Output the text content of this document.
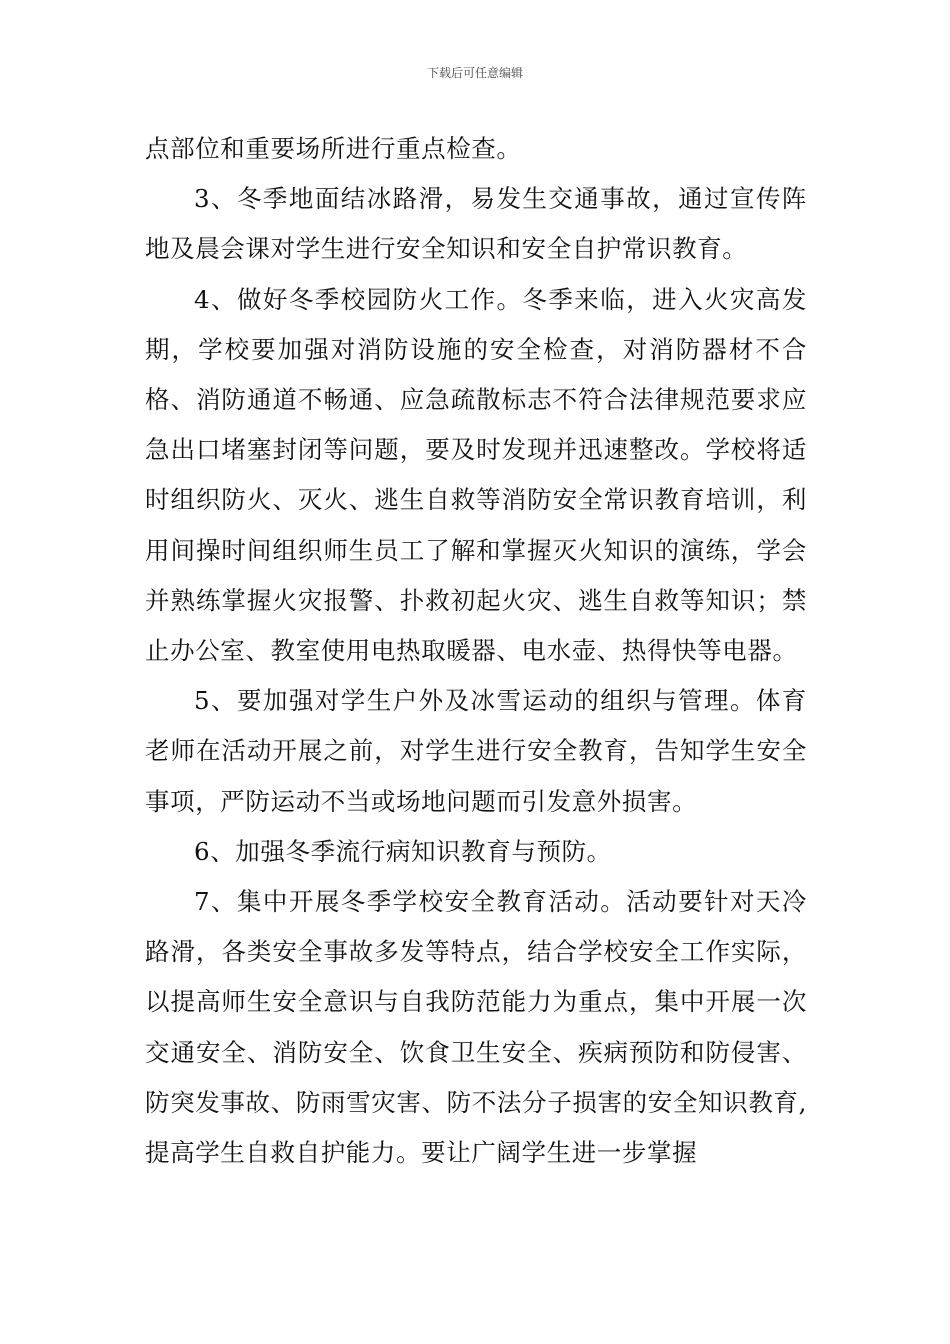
下载后可任意编辑

点部位和重要场所进行重点检查。

3、冬季地面结冰路滑，易发生交通事故，通过宣传阵地及晨会课对学生进行安全知识和安全自护常识教育。

4、做好冬季校园防火工作。冬季来临，进入火灾高发期，学校要加强对消防设施的安全检查，对消防器材不合格、消防通道不畅通、应急疏散标志不符合法律规范要求应急出口堵塞封闭等问题，要及时发现并迅速整改。学校将适时组织防火、灭火、逃生自救等消防安全常识教育培训，利用间操时间组织师生员工了解和掌握灭火知识的演练，学会并熟练掌握火灾报警、扑救初起火灾、逃生自救等知识；禁止办公室、教室使用电热取暖器、电水壶、热得快等电器。

5、要加强对学生户外及冰雪运动的组织与管理。体育老师在活动开展之前，对学生进行安全教育，告知学生安全事项，严防运动不当或场地问题而引发意外损害。

6、加强冬季流行病知识教育与预防。

7、集中开展冬季学校安全教育活动。活动要针对天冷路滑，各类安全事故多发等特点，结合学校安全工作实际，以提高师生安全意识与自我防范能力为重点，集中开展一次交通安全、消防安全、饮食卫生安全、疾病预防和防侵害、防突发事故、防雨雪灾害、防不法分子损害的安全知识教育,提高学生自救自护能力。要让广阔学生进一步掌握
